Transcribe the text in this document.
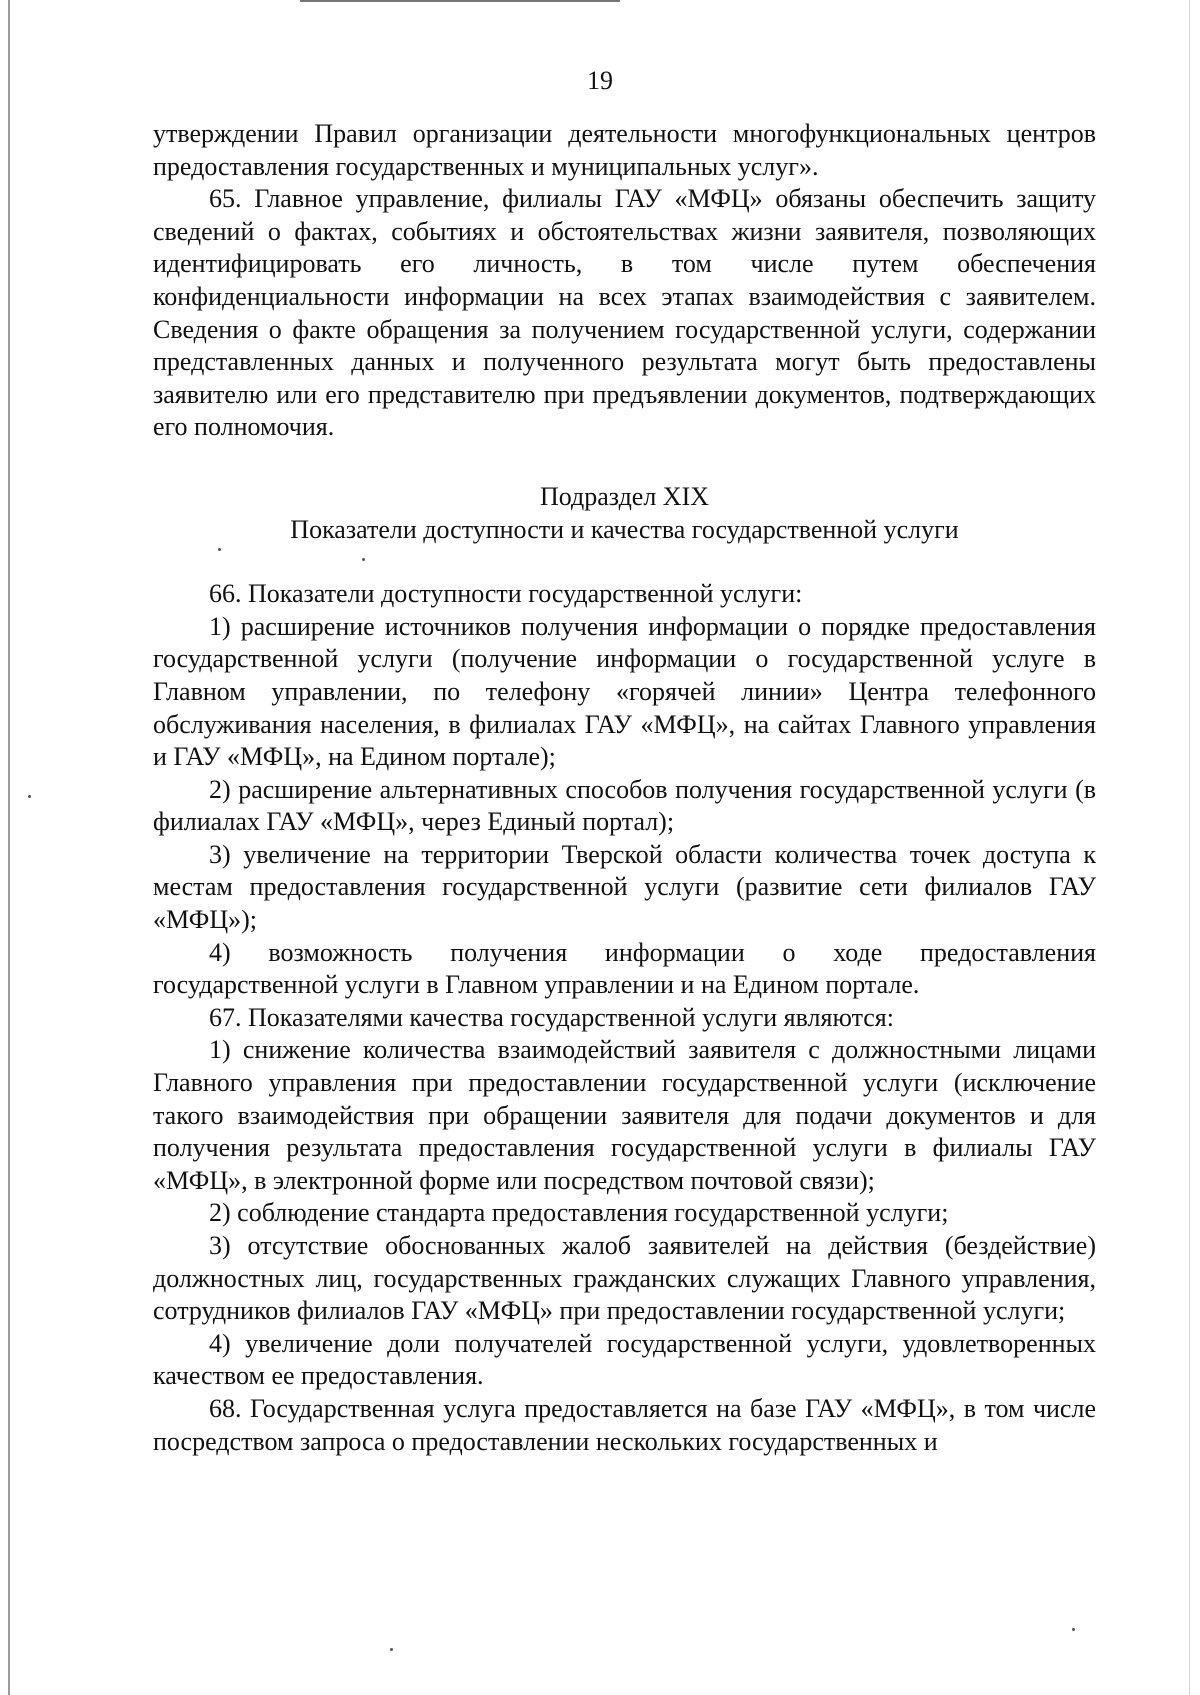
19

утверждении Правил организации деятельности многофункциональных центров предоставления государственных и муниципальных услуг».

65. Главное управление, филиалы ГАУ «МФЦ» обязаны обеспечить защиту сведений о фактах, событиях и обстоятельствах жизни заявителя, позволяющих идентифицировать его личность, в том числе путем обеспечения конфиденциальности информации на всех этапах взаимодействия с заявителем. Сведения о факте обращения за получением государственной услуги, содержании представленных данных и полученного результата могут быть предоставлены заявителю или его представителю при предъявлении документов, подтверждающих его полномочия.

Подраздел XIX

Показатели доступности и качества государственной услуги

66. Показатели доступности государственной услуги:

1) расширение источников получения информации о порядке предоставления государственной услуги (получение информации о государственной услуге в Главном управлении, по телефону «горячей линии» Центра телефонного обслуживания населения, в филиалах ГАУ «МФЦ», на сайтах Главного управления и ГАУ «МФЦ», на Едином портале);

2) расширение альтернативных способов получения государственной услуги (в филиалах ГАУ «МФЦ», через Единый портал);

3) увеличение на территории Тверской области количества точек доступа к местам предоставления государственной услуги (развитие сети филиалов ГАУ «МФЦ»);

4) возможность получения информации о ходе предоставления государственной услуги в Главном управлении и на Едином портале.

67. Показателями качества государственной услуги являются:

1) снижение количества взаимодействий заявителя с должностными лицами Главного управления при предоставлении государственной услуги (исключение такого взаимодействия при обращении заявителя для подачи документов и для получения результата предоставления государственной услуги в филиалы ГАУ «МФЦ», в электронной форме или посредством почтовой связи);

2) соблюдение стандарта предоставления государственной услуги;

3) отсутствие обоснованных жалоб заявителей на действия (бездействие) должностных лиц, государственных гражданских служащих Главного управления, сотрудников филиалов ГАУ «МФЦ» при предоставлении государственной услуги;

4) увеличение доли получателей государственной услуги, удовлетворенных качеством ее предоставления.

68. Государственная услуга предоставляется на базе ГАУ «МФЦ», в том числе посредством запроса о предоставлении нескольких государственных и
